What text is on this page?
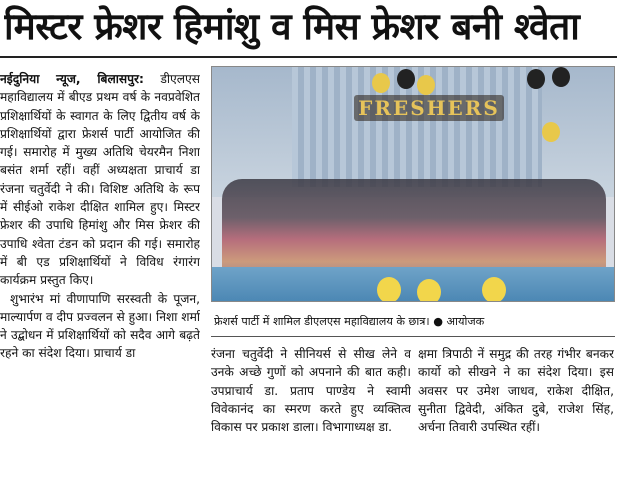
मिस्टर फ्रेशर हिमांशु व मिस फ्रेशर बनी श्वेता

नईदुनिया न्यूज, बिलासपुर: डीएलएस महाविद्यालय में बीएड प्रथम वर्ष के नवप्रवेशित प्रशिक्षार्थियों के स्वागत के लिए द्वितीय वर्ष के प्रशिक्षार्थियों द्वारा फ्रेशर्स पार्टी आयोजित की गई। समारोह में मुख्य अतिथि चेयरमैन निशा बसंत शर्मा रहीं। वहीं अध्यक्षता प्राचार्य डा रंजना चतुर्वेदी ने की। विशिष्ट अतिथि के रूप में सीईओ राकेश दीक्षित शामिल हुए। मिस्टर फ्रेशर की उपाधि हिमांशु और मिस फ्रेशर की उपाधि श्वेता टंडन को प्रदान की गई। समारोह में बी एड प्रशिक्षार्थियों ने विविध रंगारंग कार्यक्रम प्रस्तुत किए।

शुभारंभ मां वीणापाणि सरस्वती के पूजन, माल्यार्पण व दीप प्रज्वलन से हुआ। निशा शर्मा ने उद्बोधन में प्रशिक्षार्थियों को सदैव आगे बढ़ते रहने का संदेश दिया। प्राचार्य डा

FRESHERS
फ्रेशर्स पार्टी में शामिल डीएलएस महाविद्यालय के छात्र। ● आयोजक

रंजना चतुर्वेदी ने सीनियर्स से सीख लेने व उनके अच्छे गुणों को अपनाने की बात कही। उपप्राचार्य डा. प्रताप पाण्डेय ने स्वामी विवेकानंद का स्मरण करते हुए व्यक्तित्व विकास पर प्रकाश डाला। विभागाध्यक्ष डा.

क्षमा त्रिपाठी नें समुद्र की तरह गंभीर बनकर कार्यो को सीखने ने का संदेश दिया। इस अवसर पर उमेश जाधव, राकेश दीक्षित, सुनीता द्विवेदी, अंकित दुबे, राजेश सिंह, अर्चना तिवारी उपस्थित रहीं।
